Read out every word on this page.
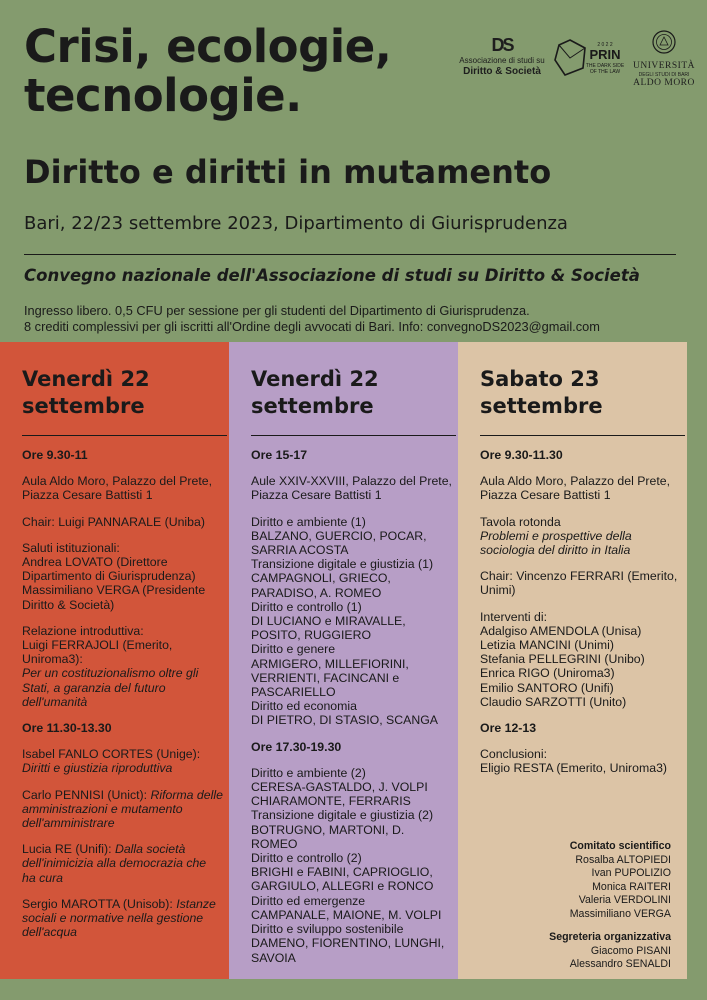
Crisi, ecologie,
tecnologie.
Diritto e diritti in mutamento
Bari, 22/23 settembre 2023, Dipartimento di Giurisprudenza
Convegno nazionale dell'Associazione di studi su Diritto & Società
Ingresso libero. 0,5 CFU per sessione per gli studenti del Dipartimento di Giurisprudenza.
8 crediti complessivi per gli iscritti all'Ordine degli avvocati di Bari. Info: convegnoDS2023@gmail.com
DS
Associazione di studi su
Diritto & Società
2 0 2 2
PRIN
THE DARK SIDE
OF THE LAW
UNIVERSITÀ
DEGLI STUDI DI BARI
ALDO MORO
Venerdì 22
settembre

Ore 9.30-11

Aula Aldo Moro, Palazzo del Prete, Piazza Cesare Battisti 1

Chair: Luigi PANNARALE (Uniba)

Saluti istituzionali:
Andrea LOVATO (Direttore Dipartimento di Giurisprudenza)
Massimiliano VERGA (Presidente Diritto & Società)

Relazione introduttiva:
Luigi FERRAJOLI (Emerito, Uniroma3):
Per un costituzionalismo oltre gli Stati, a garanzia del futuro dell'umanità

Ore 11.30-13.30

Isabel FANLO CORTES (Unige): Diritti e giustizia riproduttiva

Carlo PENNISI (Unict): Riforma delle amministrazioni e mutamento dell'amministrare

Lucia RE (Unifi): Dalla società dell'inimicizia alla democrazia che ha cura

Sergio MAROTTA (Unisob): Istanze sociali e normative nella gestione dell'acqua

Venerdì 22
settembre

Ore 15-17

Aule XXIV-XXVIII, Palazzo del Prete, Piazza Cesare Battisti 1

Diritto e ambiente (1)
BALZANO, GUERCIO, POCAR, SARRIA ACOSTA
Transizione digitale e giustizia (1)
CAMPAGNOLI, GRIECO, PARADISO, A. ROMEO
Diritto e controllo (1)
DI LUCIANO e MIRAVALLE, POSITO, RUGGIERO
Diritto e genere
ARMIGERO, MILLEFIORINI, VERRIENTI, FACINCANI e PASCARIELLO
Diritto ed economia
DI PIETRO, DI STASIO, SCANGA

Ore 17.30-19.30

Diritto e ambiente (2)
CERESA-GASTALDO, J. VOLPI CHIARAMONTE, FERRARIS
Transizione digitale e giustizia (2)
BOTRUGNO, MARTONI, D. ROMEO
Diritto e controllo (2)
BRIGHI e FABINI, CAPRIOGLIO, GARGIULO, ALLEGRI e RONCO
Diritto ed emergenze
CAMPANALE, MAIONE, M. VOLPI
Diritto e sviluppo sostenibile
DAMENO, FIORENTINO, LUNGHI, SAVOIA
Sabato 23
settembre

Ore 9.30-11.30

Aula Aldo Moro, Palazzo del Prete, Piazza Cesare Battisti 1

Tavola rotonda
Problemi e prospettive della sociologia del diritto in Italia

Chair: Vincenzo FERRARI (Emerito, Unimi)

Interventi di:

Adalgiso AMENDOLA (Unisa)
Letizia MANCINI (Unimi)
Stefania PELLEGRINI (Unibo)
Enrica RIGO (Uniroma3)
Emilio SANTORO (Unifi)
Claudio SARZOTTI (Unito)

Ore 12-13

Conclusioni:
Eligio RESTA (Emerito, Uniroma3)

Comitato scientifico
Rosalba ALTOPIEDI
Ivan PUPOLIZIO
Monica RAITERI
Valeria VERDOLINI
Massimiliano VERGA
Segreteria organizzativa
Giacomo PISANI
Alessandro SENALDI
